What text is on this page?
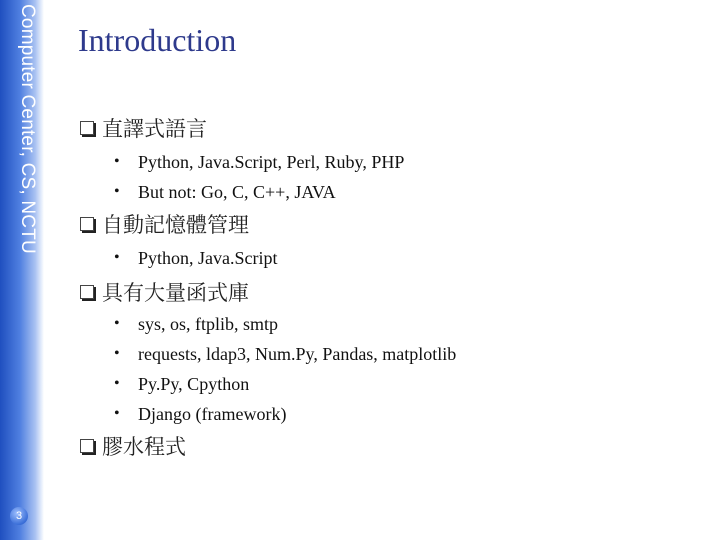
Computer Center, CS, NCTU
3
Introduction
直譯式語言
•	Python, Java.Script, Perl, Ruby, PHP
•	But not: Go, C, C++, JAVA
自動記憶體管理
•	Python, Java.Script
具有大量函式庫
•	sys, os, ftplib, smtp
•	requests, ldap3, Num.Py, Pandas, matplotlib
•	Py.Py, Cpython
•	Django (framework)
膠水程式
